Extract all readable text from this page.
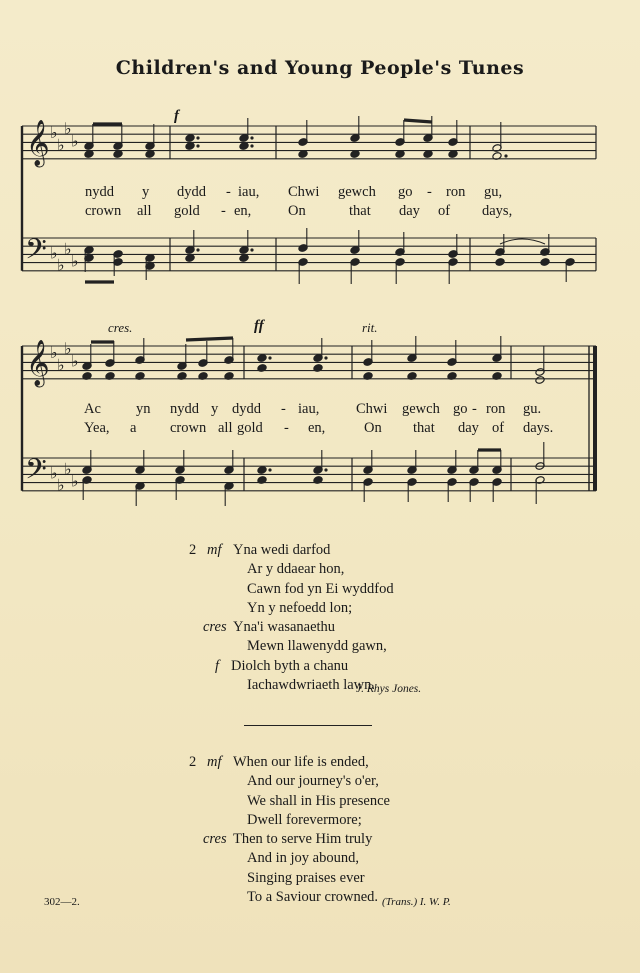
Children's and Young People's Tunes
𝄞
𝄢
♭
♭
♭
♭
♭
♭
♭
♭
𝄞
𝄢
♭
♭
♭
♭
♭
♭
♭
♭
f
nydd y dydd - iau, Chwi gewch go - ron gu,
crown all gold - en,	On	that day of days,
cres.	ff	rit.
Ac yn nydd y dydd - iau,	Chwi gewch go - ron gu.
Yea, a crown all gold - en,	On that day of days.
2 mf Yna wedi darfod
Ar y ddaear hon,
Cawn fod yn Ei wyddfod
Yn y nefoedd lon;
cres Yna'i wasanaethu
Mewn llawenydd gawn,
f Diolch byth a chanu
Iachawdwriaeth lawn.
J. Rhys Jones.
2 mf When our life is ended,
And our journey's o'er,
We shall in His presence
Dwell forevermore;
cres Then to serve Him truly
And in joy abound,
Singing praises ever
To a Saviour crowned.
302—2.	(Trans.) I. W. P.
